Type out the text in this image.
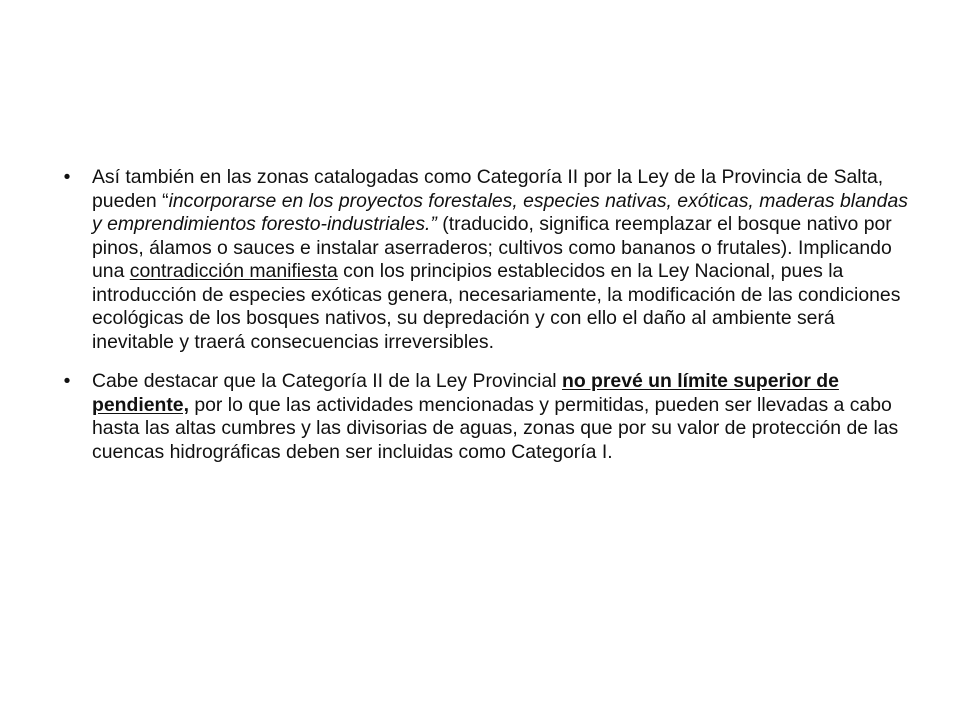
• Así también en las zonas catalogadas como Categoría II por la Ley de la Provincia de Salta, pueden “incorporarse en los proyectos forestales, especies nativas, exóticas, maderas blandas y emprendimientos foresto-industriales.” (traducido, significa reemplazar el bosque nativo por pinos, álamos o sauces e instalar aserraderos; cultivos como bananos o frutales). Implicando una contradicción manifiesta con los principios establecidos en la Ley Nacional, pues la introducción de especies exóticas genera, necesariamente, la modificación de las condiciones ecológicas de los bosques nativos, su depredación y con ello el daño al ambiente será inevitable y traerá consecuencias irreversibles.
• Cabe destacar que la Categoría II de la Ley Provincial no prevé un límite superior de pendiente, por lo que las actividades mencionadas y permitidas, pueden ser llevadas a cabo hasta las altas cumbres y las divisorias de aguas, zonas que por su valor de protección de las cuencas hidrográficas deben ser incluidas como Categoría I.
